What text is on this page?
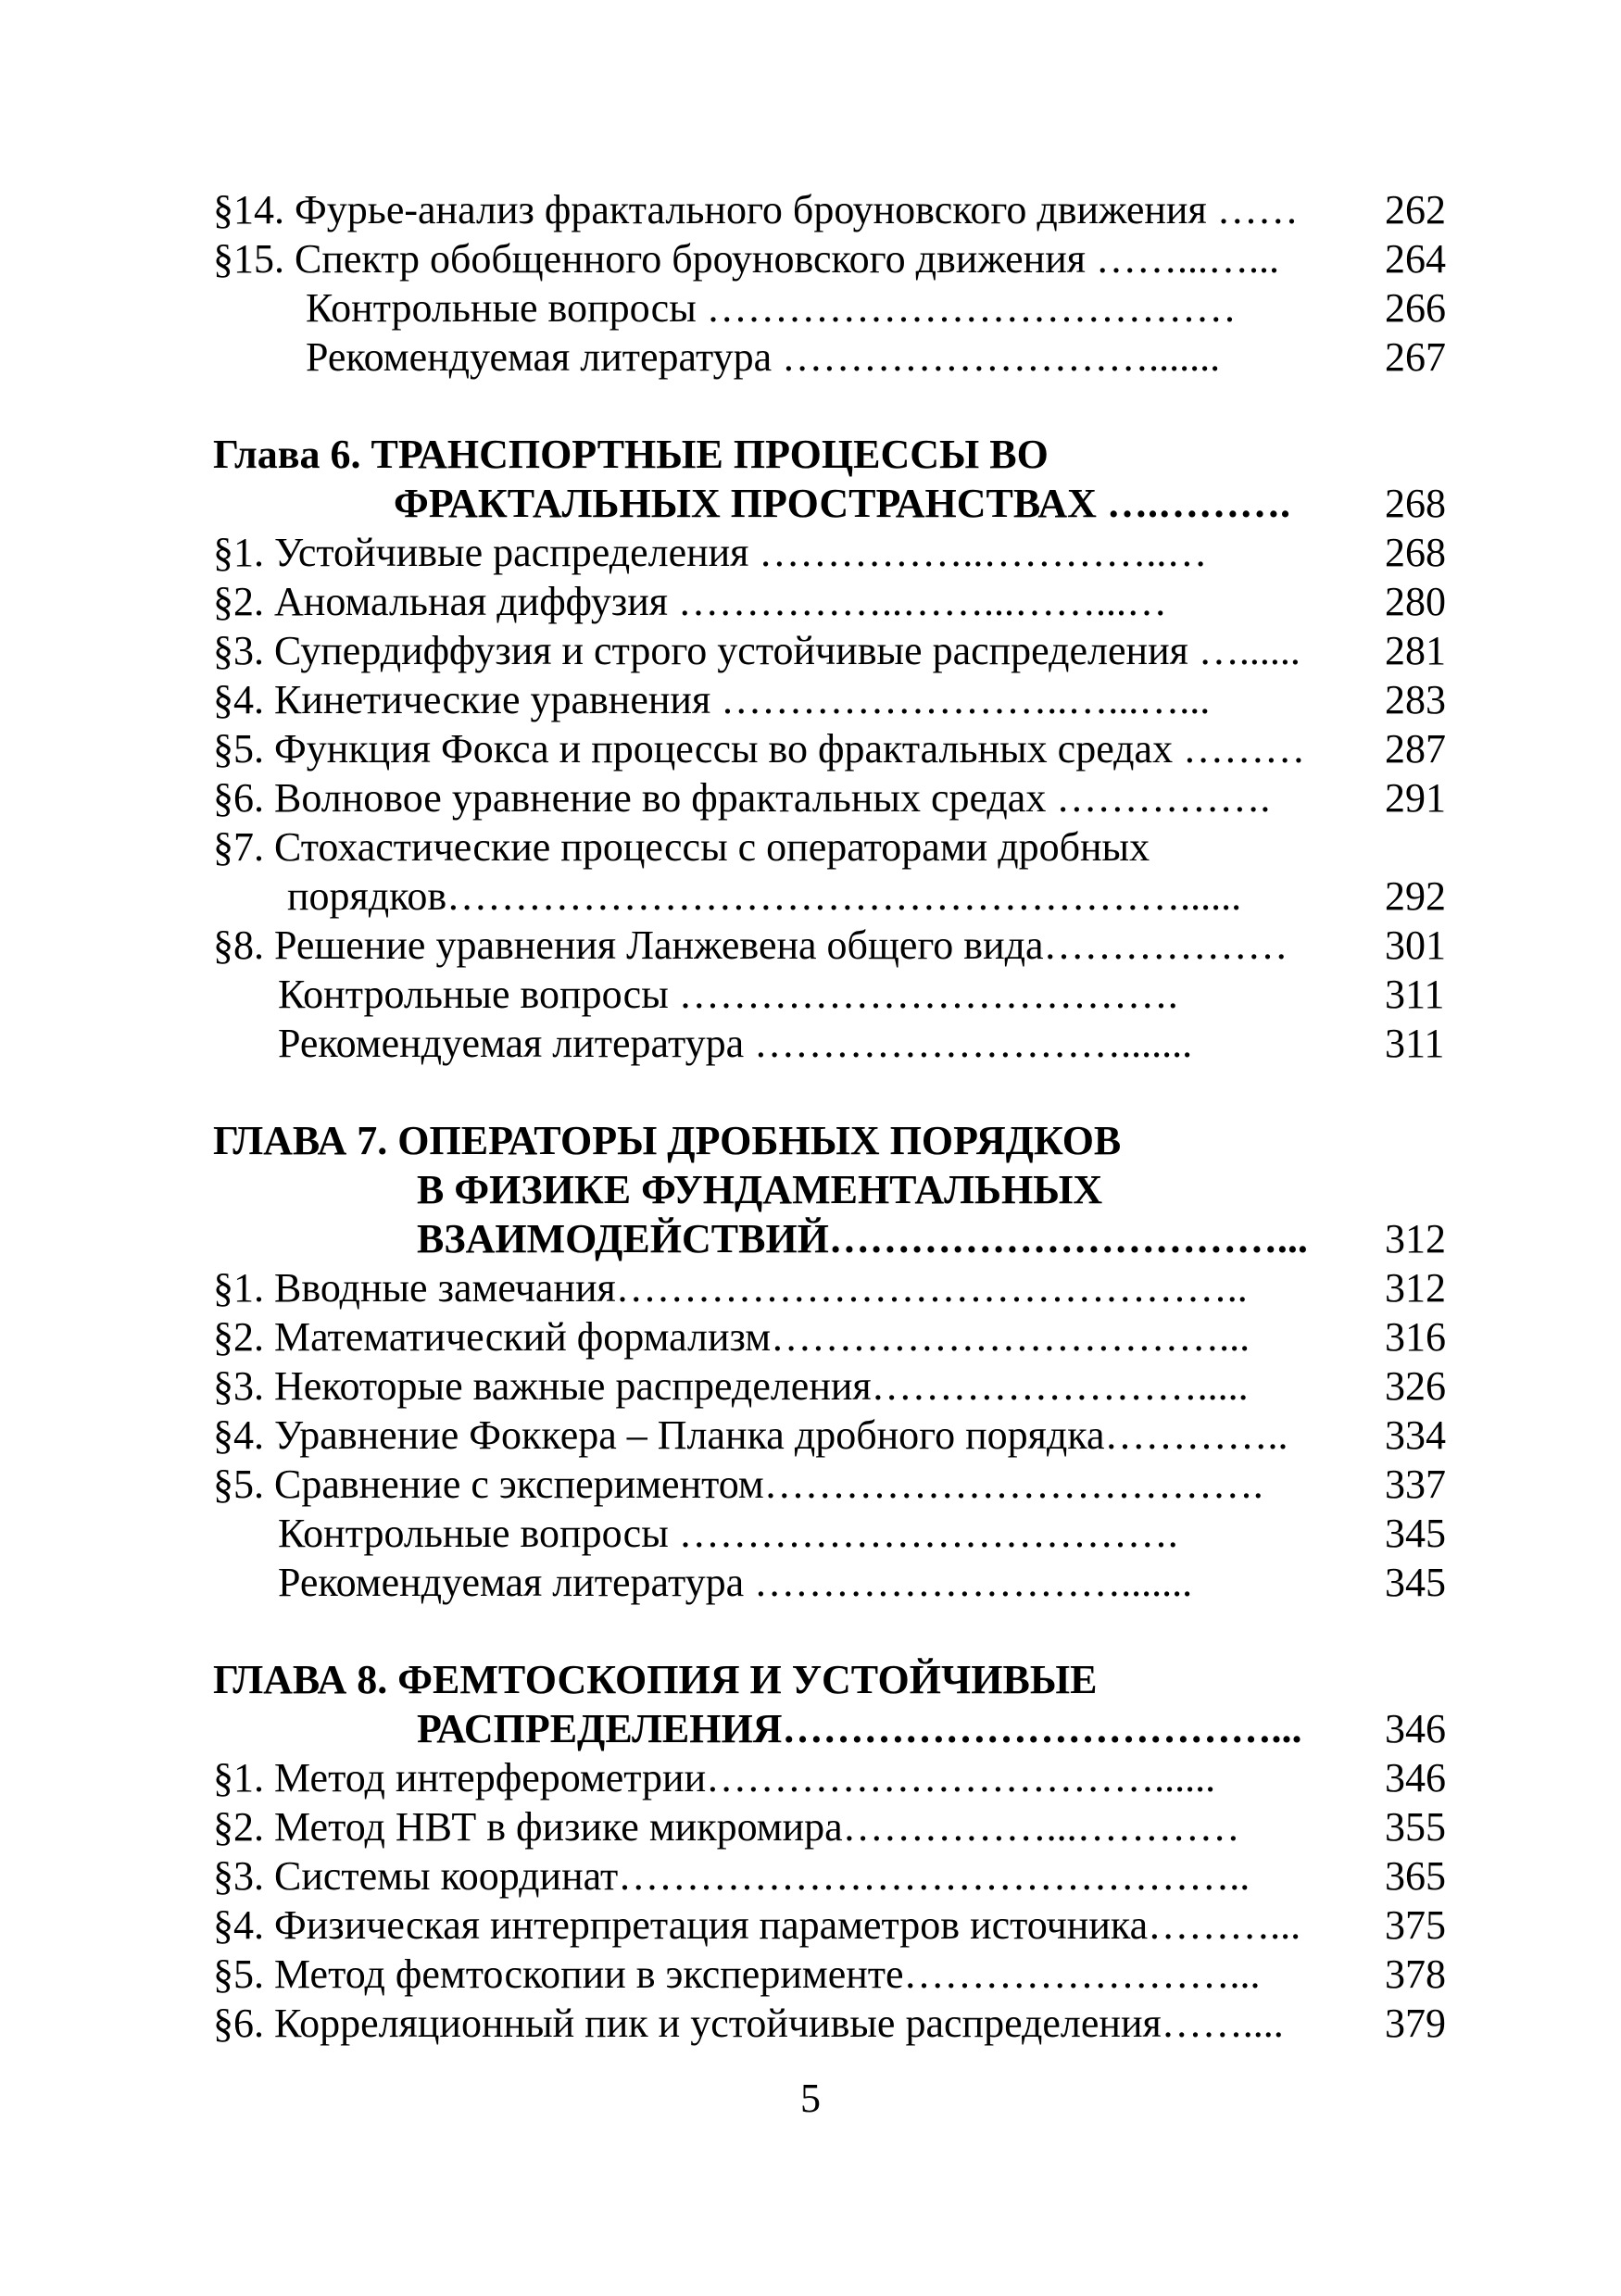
§14. Фурье-анализ фрактального броуновского движения …… 262
§15. Спектр обобщенного броуновского движения ……...…...	264
Контрольные вопросы …………………………………	266
Рекомендуемая литература ……………………….......	267
Глава 6. ТРАНСПОРТНЫЕ ПРОЦЕССЫ ВО
ФРАКТАЛЬНЫХ ПРОСТРАНСТВАХ ….………. 268
§1. Устойчивые распределения ……………..…………..…	268
§2. Аномальная диффузия ……………..……...……...…	280
§3. Супердиффузия и строго устойчивые распределения …...... 281
§4. Кинетические уравнения ……………………..…...…...	283
§5. Функция Фокса и процессы во фрактальных средах ……… 287
§6. Волновое уравнение во фрактальных средах …………….	291
§7. Стохастические процессы с операторами дробных
порядков………………………………………………......	292
§8. Решение уравнения Ланжевена общего вида……………… 301
Контрольные вопросы ……………………………….	311
Рекомендуемая литература ……………………….......	311
ГЛАВА 7. ОПЕРАТОРЫ ДРОБНЫХ ПОРЯДКОВ
В ФИЗИКЕ ФУНДАМЕНТАЛЬНЫХ
ВЗАИМОДЕЙСТВИЙ……………………………... 312
§1. Вводные замечания………………………………………..	312
§2. Математический формализм……………………………...	316
§3. Некоторые важные распределения…………………….....	326
§4. Уравнение Фоккера – Планка дробного порядка………….. 334
§5. Сравнение с экспериментом……………………………….	337
Контрольные вопросы ……………………………….	345
Рекомендуемая литература ……………………….......	345
ГЛАВА 8. ФЕМТОСКОПИЯ И УСТОЙЧИВЫЕ
РАСПРЕДЕЛЕНИЯ………………………………... 346
§1. Метод интерферометрии……………………………......	346
§2. Метод НВТ в физике микромира……………...…………	355
§3. Системы координат………………………………………..	365
§4. Физическая интерпретация параметров источника………... 375
§5. Метод фемтоскопии в эксперименте……………………...	378
§6. Корреляционный пик и устойчивые распределения…….... 379
5
